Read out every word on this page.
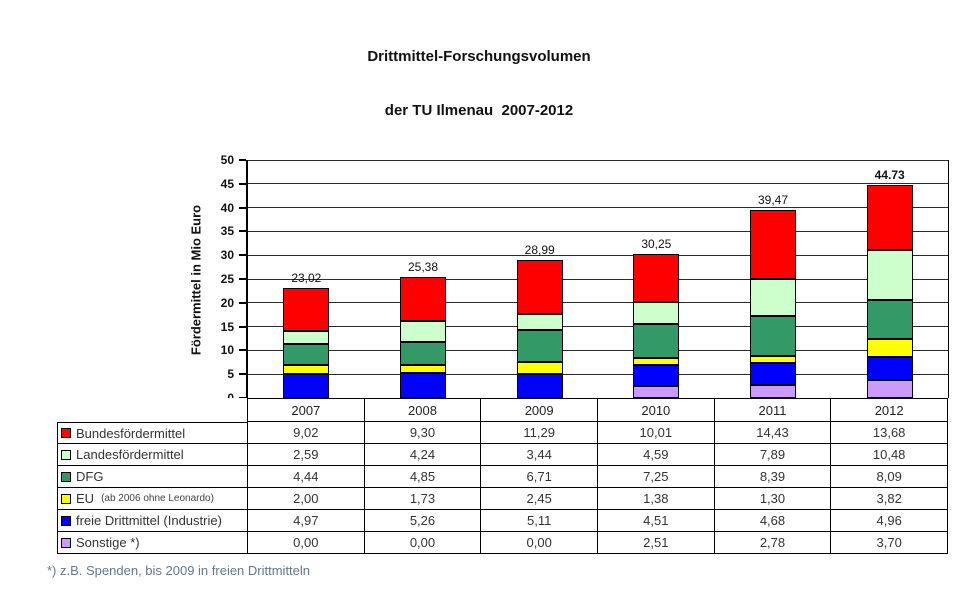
Drittmittel-Forschungsvolumen

der TU Ilmenau  2007-2012

Fördermittel in Mio Euro
5
10
15
20
25
30
35
40
45
50
23,02
25,38
28,99	30,25
39,47
44.73
2007	2008	2009	2010	2011	2012
Bundesfördermittel	9,02	9,30	11,29	10,01	14,43	13,68
Landesfördermittel	2,59	4,24	3,44	4,59	7,89	10,48
DFG	4,44	4,85	6,71	7,25	8,39	8,09
EU (ab 2006 ohne Leonardo)	2,00	1,73	2,45	1,38	1,30	3,82
freie Drittmittel (Industrie)	4,97	5,26	5,11	4,51	4,68	4,96
Sonstige *)	0,00	0,00	0,00	2,51	2,78	3,70
*) z.B. Spenden, bis 2009 in freien Drittmitteln
